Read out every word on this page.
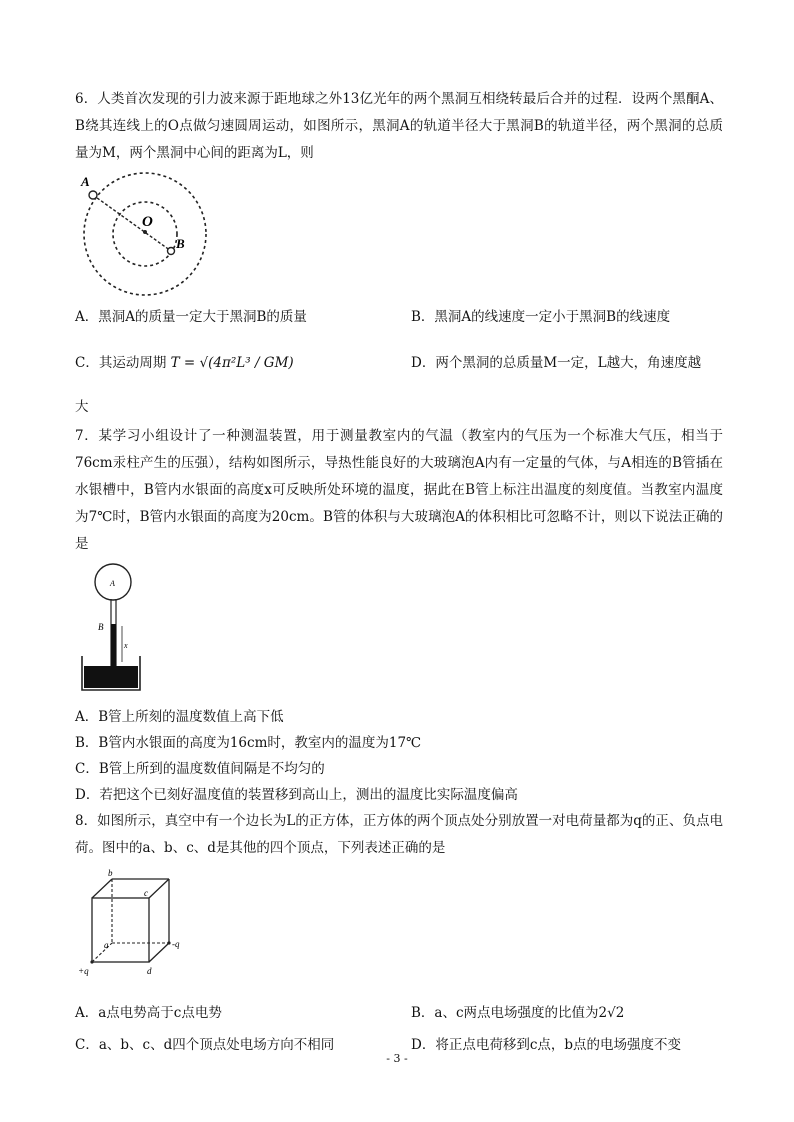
6．人类首次发现的引力波来源于距地球之外13亿光年的两个黑洞互相绕转最后合并的过程．设两个黑酮A、B绕其连线上的O点做匀速圆周运动，如图所示，黑洞A的轨道半径大于黑洞B的轨道半径，两个黑洞的总质量为M，两个黑洞中心间的距离为L，则
A
O
B
A．黑洞A的质量一定大于黑洞B的质量	B．黑洞A的线速度一定小于黑洞B的线速度
C．其运动周期 T = √(4π²L³ / GM)	D．两个黑洞的总质量M一定，L越大，角速度越
大
7．某学习小组设计了一种测温装置，用于测量教室内的气温（教室内的气压为一个标准大气压，相当于76cm汞柱产生的压强），结构如图所示，导热性能良好的大玻璃泡A内有一定量的气体，与A相连的B管插在水银槽中，B管内水银面的高度x可反映所处环境的温度，据此在B管上标注出温度的刻度值。当教室内温度为7℃时，B管内水银面的高度为20cm。B管的体积与大玻璃泡A的体积相比可忽略不计，则以下说法正确的是
A
B
x
A．B管上所刻的温度数值上高下低
B．B管内水银面的高度为16cm时，教室内的温度为17℃
C．B管上所到的温度数值间隔是不均匀的
D．若把这个已刻好温度值的装置移到高山上，测出的温度比实际温度偏高
8．如图所示，真空中有一个边长为L的正方体，正方体的两个顶点处分别放置一对电荷量都为q的正、负点电荷。图中的a、b、c、d是其他的四个顶点，下列表述正确的是
b
c
a	-q
d
+q
A．a点电势高于c点电势	B．a、c两点电场强度的比值为2√2
C．a、b、c、d四个顶点处电场方向不相同	D．将正点电荷移到c点，b点的电场强度不变
- 3 -
